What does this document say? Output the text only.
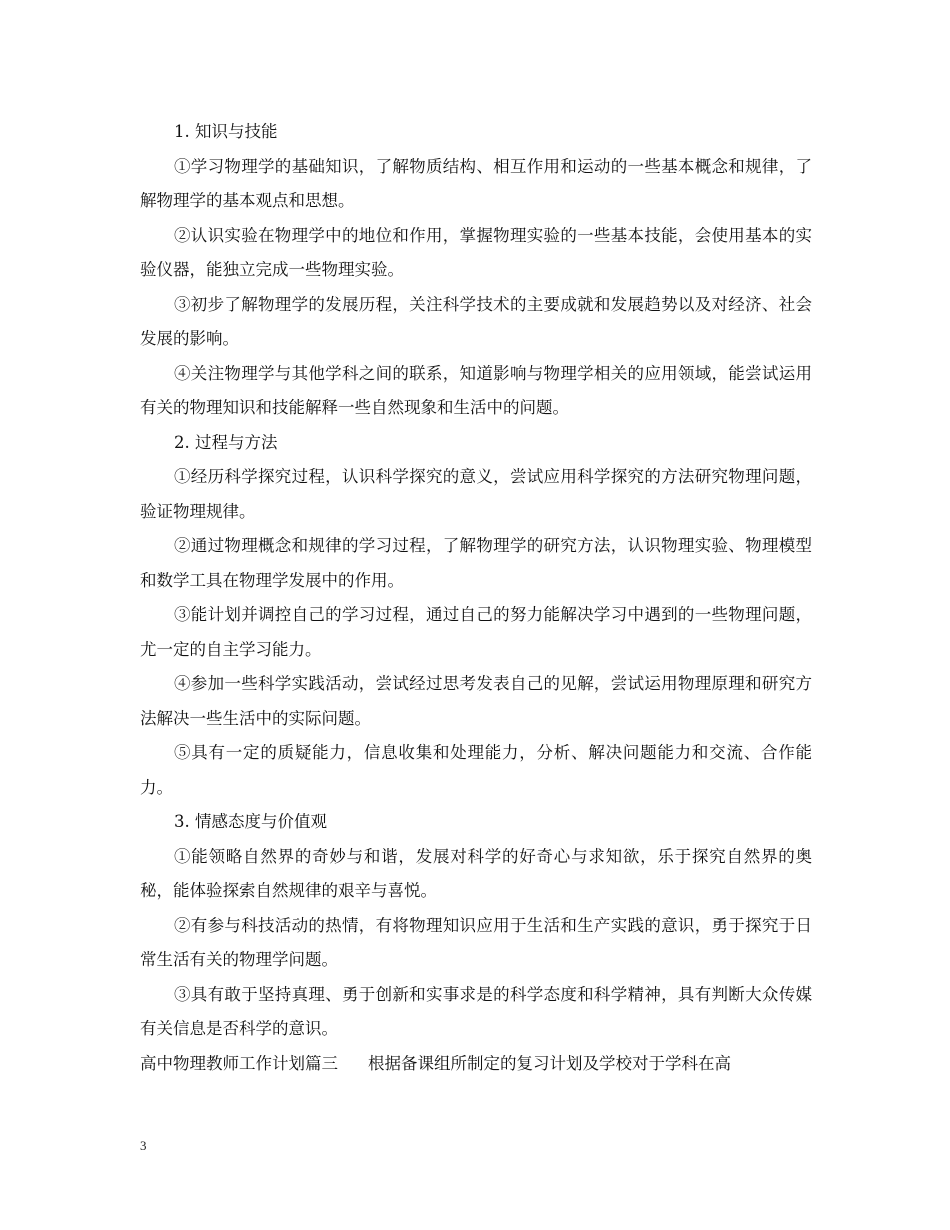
1. 知识与技能

①学习物理学的基础知识，了解物质结构、相互作用和运动的一些基本概念和规律，了解物理学的基本观点和思想。

②认识实验在物理学中的地位和作用，掌握物理实验的一些基本技能，会使用基本的实验仪器，能独立完成一些物理实验。

③初步了解物理学的发展历程，关注科学技术的主要成就和发展趋势以及对经济、社会发展的影响。

④关注物理学与其他学科之间的联系，知道影响与物理学相关的应用领域，能尝试运用有关的物理知识和技能解释一些自然现象和生活中的问题。

2. 过程与方法

①经历科学探究过程，认识科学探究的意义，尝试应用科学探究的方法研究物理问题，验证物理规律。

②通过物理概念和规律的学习过程，了解物理学的研究方法，认识物理实验、物理模型和数学工具在物理学发展中的作用。

③能计划并调控自己的学习过程，通过自己的努力能解决学习中遇到的一些物理问题，尤一定的自主学习能力。

④参加一些科学实践活动，尝试经过思考发表自己的见解，尝试运用物理原理和研究方法解决一些生活中的实际问题。

⑤具有一定的质疑能力，信息收集和处理能力，分析、解决问题能力和交流、合作能力。

3. 情感态度与价值观

①能领略自然界的奇妙与和谐，发展对科学的好奇心与求知欲，乐于探究自然界的奥秘，能体验探索自然规律的艰辛与喜悦。

②有参与科技活动的热情，有将物理知识应用于生活和生产实践的意识，勇于探究于日常生活有关的物理学问题。

③具有敢于坚持真理、勇于创新和实事求是的科学态度和科学精神，具有判断大众传媒有关信息是否科学的意识。

高中物理教师工作计划篇三 根据备课组所制定的复习计划及学校对于学科在高

3
